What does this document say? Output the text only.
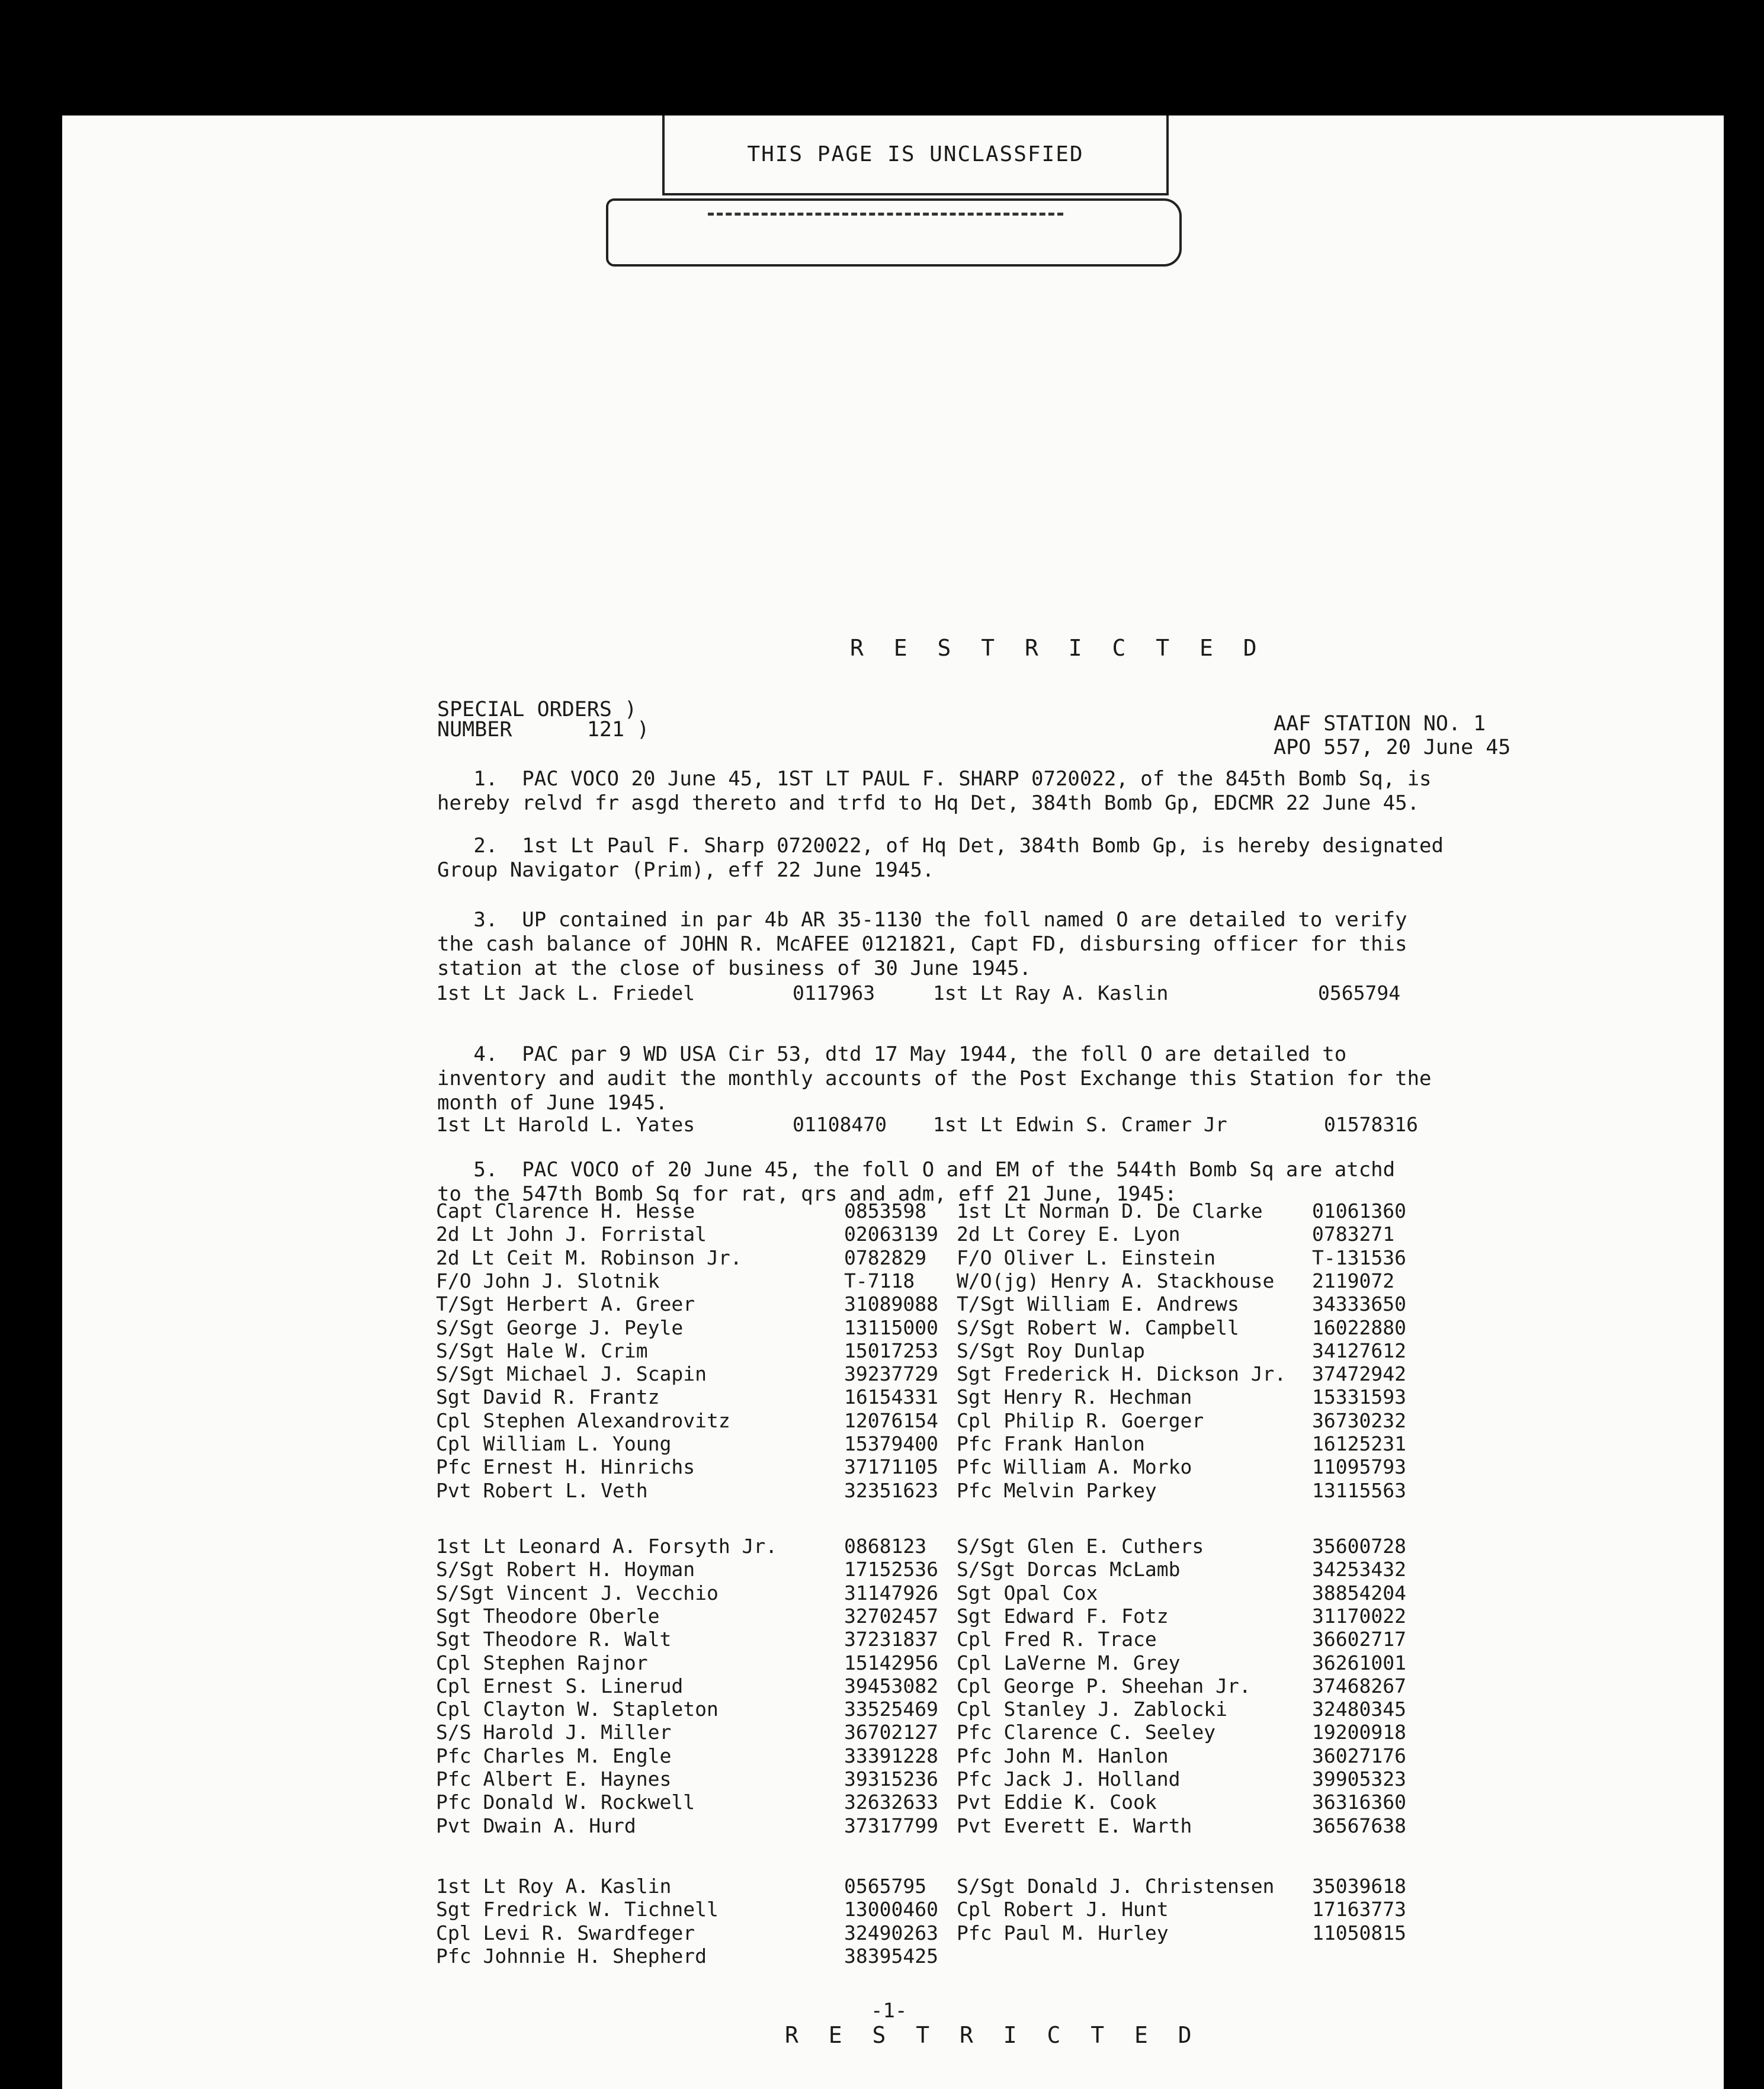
THIS PAGE IS UNCLASSFIED
R E S T R I C T E D
SPECIAL ORDERS )
NUMBER      121 )	AAF STATION NO. 1
APO 557, 20 June 45
1.  PAC VOCO 20 June 45, 1ST LT PAUL F. SHARP 0720022, of the 845th Bomb Sq, is
hereby relvd fr asgd thereto and trfd to Hq Det, 384th Bomb Gp, EDCMR 22 June 45.
2.  1st Lt Paul F. Sharp 0720022, of Hq Det, 384th Bomb Gp, is hereby designated
Group Navigator (Prim), eff 22 June 1945.
3.  UP contained in par 4b AR 35-1130 the foll named O are detailed to verify
the cash balance of JOHN R. McAFEE 0121821, Capt FD, disbursing officer for this
station at the close of business of 30 June 1945.
1st Lt Jack L. Friedel	0117963	1st Lt Ray A. Kaslin	0565794
4.  PAC par 9 WD USA Cir 53, dtd 17 May 1944, the foll O are detailed to
inventory and audit the monthly accounts of the Post Exchange this Station for the
month of June 1945.
1st Lt Harold L. Yates	01108470 1st Lt Edwin S. Cramer Jr	01578316
5.  PAC VOCO of 20 June 45, the foll O and EM of the 544th Bomb Sq are atchd
to the 547th Bomb Sq for rat, qrs and adm, eff 21 June, 1945:
Capt Clarence H. Hesse	0853598 1st Lt Norman D. De Clarke	01061360
2d Lt John J. Forristal	02063139 2d Lt Corey E. Lyon	0783271
2d Lt Ceit M. Robinson Jr.	0782829 F/O Oliver L. Einstein	T-131536
F/O John J. Slotnik	T-7118 W/O(jg) Henry A. Stackhouse 2119072
T/Sgt Herbert A. Greer	31089088 T/Sgt William E. Andrews	34333650
S/Sgt George J. Peyle	13115000 S/Sgt Robert W. Campbell	16022880
S/Sgt Hale W. Crim	15017253 S/Sgt Roy Dunlap	34127612
S/Sgt Michael J. Scapin	39237729 Sgt Frederick H. Dickson Jr. 37472942
Sgt David R. Frantz	16154331 Sgt Henry R. Hechman	15331593
Cpl Stephen Alexandrovitz	12076154 Cpl Philip R. Goerger	36730232
Cpl William L. Young	15379400 Pfc Frank Hanlon	16125231
Pfc Ernest H. Hinrichs	37171105 Pfc William A. Morko	11095793
Pvt Robert L. Veth	32351623 Pfc Melvin Parkey	13115563
1st Lt Leonard A. Forsyth Jr.	0868123 S/Sgt Glen E. Cuthers	35600728
S/Sgt Robert H. Hoyman	17152536 S/Sgt Dorcas McLamb	34253432
S/Sgt Vincent J. Vecchio	31147926 Sgt Opal Cox	38854204
Sgt Theodore Oberle	32702457 Sgt Edward F. Fotz	31170022
Sgt Theodore R. Walt	37231837 Cpl Fred R. Trace	36602717
Cpl Stephen Rajnor	15142956 Cpl LaVerne M. Grey	36261001
Cpl Ernest S. Linerud	39453082 Cpl George P. Sheehan Jr.	37468267
Cpl Clayton W. Stapleton	33525469 Cpl Stanley J. Zablocki	32480345
S/S Harold J. Miller	36702127 Pfc Clarence C. Seeley	19200918
Pfc Charles M. Engle	33391228 Pfc John M. Hanlon	36027176
Pfc Albert E. Haynes	39315236 Pfc Jack J. Holland	39905323
Pfc Donald W. Rockwell	32632633 Pvt Eddie K. Cook	36316360
Pvt Dwain A. Hurd	37317799 Pvt Everett E. Warth	36567638
1st Lt Roy A. Kaslin	0565795 S/Sgt Donald J. Christensen 35039618
Sgt Fredrick W. Tichnell	13000460 Cpl Robert J. Hunt	17163773
Cpl Levi R. Swardfeger	32490263 Pfc Paul M. Hurley	11050815
Pfc Johnnie H. Shepherd	38395425
-1-
R E S T R I C T E D
